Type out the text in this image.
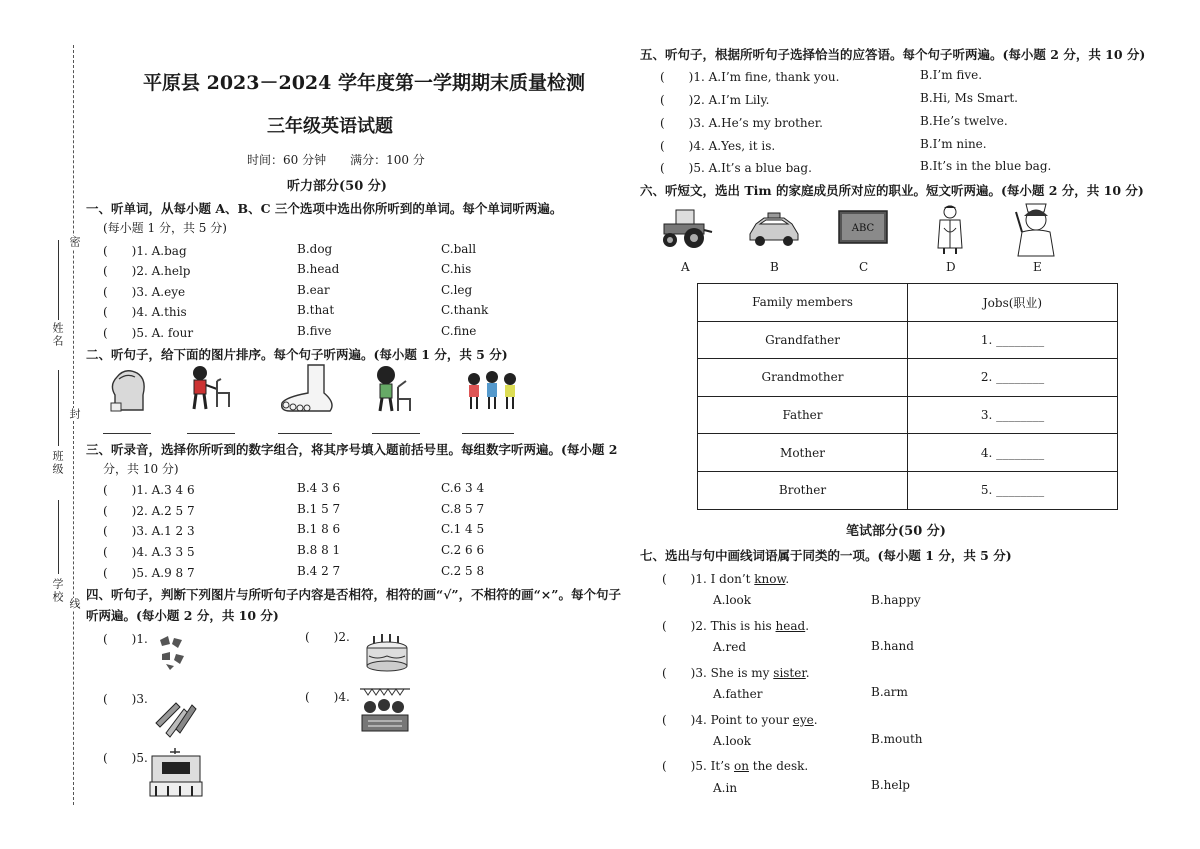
密
封
线
姓名
班级
学校
平原县 2023－2024 学年度第一学期期末质量检测
三年级英语试题
时间：60 分钟　　满分：100 分
听力部分(50 分)
一、听单词，从每小题 A、B、C 三个选项中选出你所听到的单词。每个单词听两遍。
(每小题 1 分，共 5 分)
(　　)1. A.bag	B.dog	C.ball
(　　)2. A.help	B.head	C.his
(　　)3. A.eye	B.ear	C.leg
(　　)4. A.this	B.that	C.thank
(　　)5. A. four	B.five	C.fine
二、听句子，给下面的图片排序。每个句子听两遍。(每小题 1 分，共 5 分)
三、听录音，选择你所听到的数字组合，将其序号填入题前括号里。每组数字听两遍。(每小题 2
分，共 10 分)
(　　)1. A.3 4 6	B.4 3 6	C.6 3 4
(　　)2. A.2 5 7	B.1 5 7	C.8 5 7
(　　)3. A.1 2 3	B.1 8 6	C.1 4 5
(　　)4. A.3 3 5	B.8 8 1	C.2 6 6
(　　)5. A.9 8 7	B.4 2 7	C.2 5 8
四、听句子，判断下列图片与所听句子内容是否相符，相符的画“√”，不相符的画“×”。每个句子
听两遍。(每小题 2 分，共 10 分)
(　　)1.	(　　)2.
(　　)3.	(　　)4.
(　　)5.
五、听句子，根据所听句子选择恰当的应答语。每个句子听两遍。(每小题 2 分，共 10 分)
(　　)1. A.I’m fine, thank you.	B.I’m five.
(　　)2. A.I’m Lily.	B.Hi, Ms Smart.
(　　)3. A.He’s my brother.	B.He’s twelve.
(　　)4. A.Yes, it is.	B.I’m nine.
(　　)5. A.It’s a blue bag.	B.It’s in the blue bag.
六、听短文，选出 Tim 的家庭成员所对应的职业。短文听两遍。(每小题 2 分，共 10 分)
ABC
A	B	C	D	E
Family members	Jobs(职业)
Grandfather	1. ________
Grandmother	2. ________
Father	3. ________
Mother	4. ________
Brother	5. ________
笔试部分(50 分)
七、选出与句中画线词语属于同类的一项。(每小题 1 分，共 5 分)
(　　)1. I don’t know.
A.look	B.happy
(　　)2. This is his head.
A.red	B.hand
(　　)3. She is my sister.
A.father	B.arm
(　　)4. Point to your eye.
A.look	B.mouth
(　　)5. It’s on the desk.
A.in	B.help
